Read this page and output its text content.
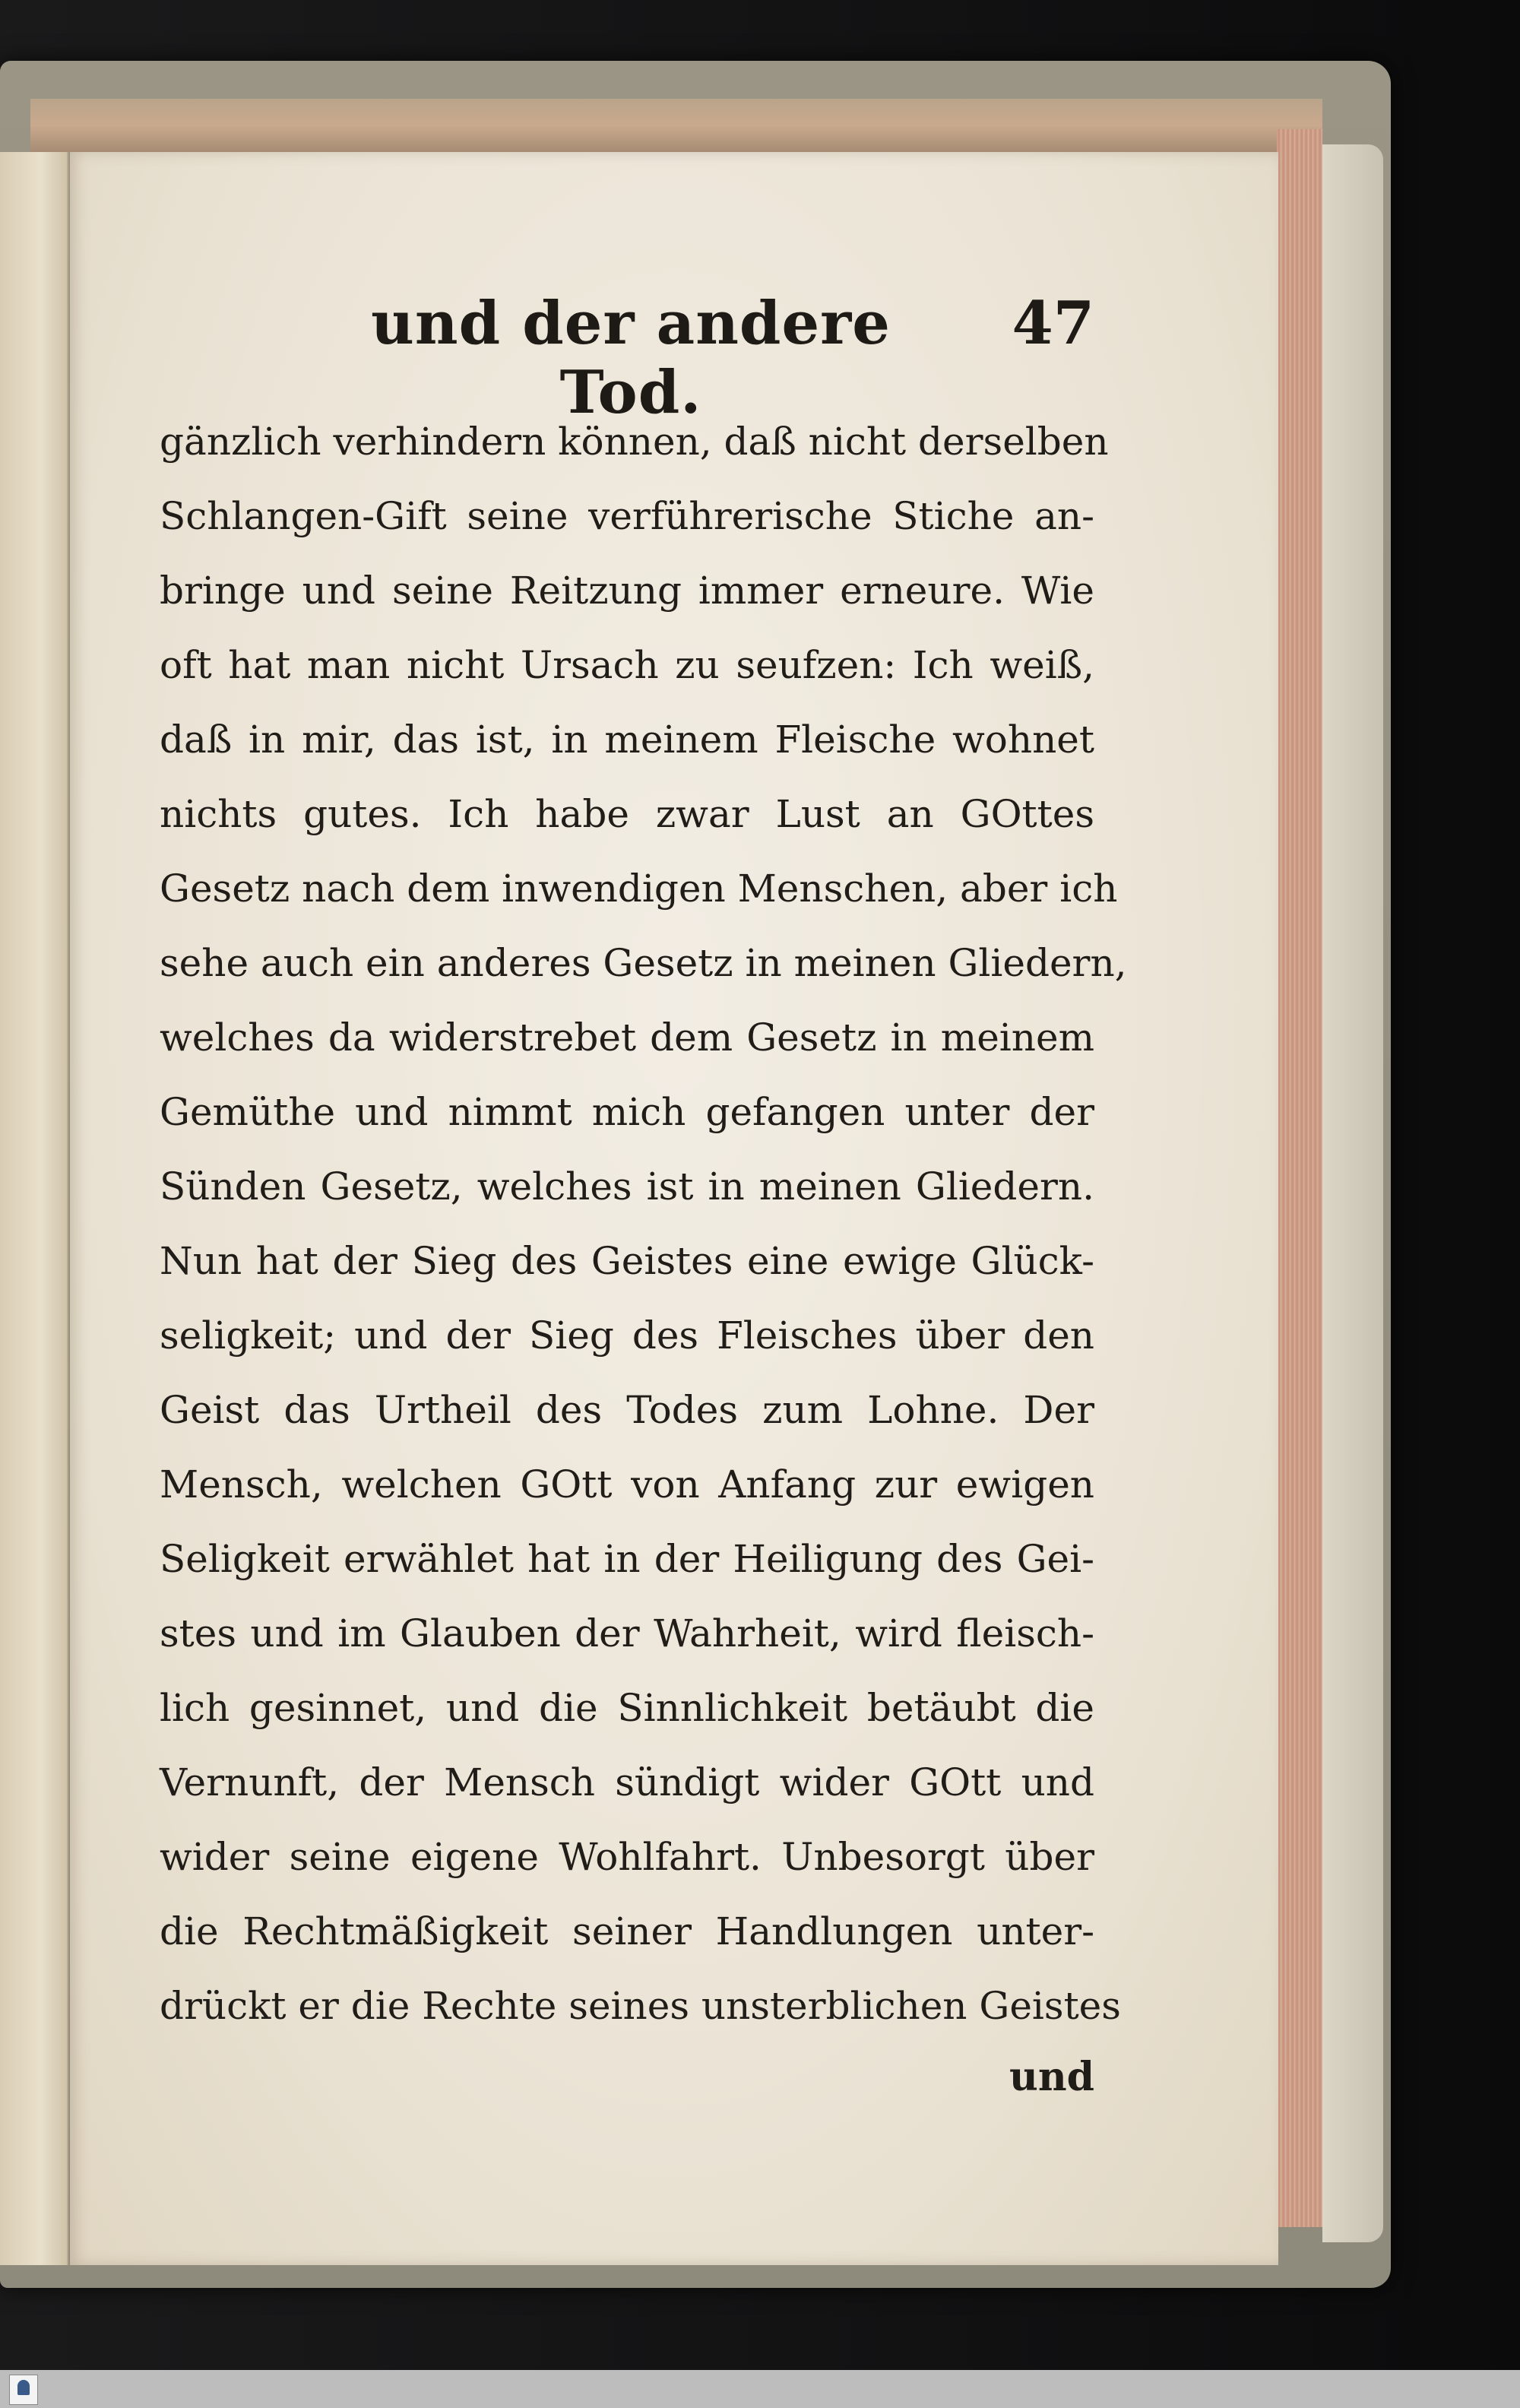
und der andere Tod.
47
gänzlich verhindern können, daß nicht derselben
Schlangen-Gift seine verführerische Stiche an-
bringe und seine Reitzung immer erneure. Wie
oft hat man nicht Ursach zu seufzen: Ich weiß,
daß in mir, das ist, in meinem Fleische wohnet
nichts gutes. Ich habe zwar Lust an GOttes
Gesetz nach dem inwendigen Menschen, aber ich
sehe auch ein anderes Gesetz in meinen Gliedern,
welches da widerstrebet dem Gesetz in meinem
Gemüthe und nimmt mich gefangen unter der
Sünden Gesetz, welches ist in meinen Gliedern.
Nun hat der Sieg des Geistes eine ewige Glück-
seligkeit; und der Sieg des Fleisches über den
Geist das Urtheil des Todes zum Lohne. Der
Mensch, welchen GOtt von Anfang zur ewigen
Seligkeit erwählet hat in der Heiligung des Gei-
stes und im Glauben der Wahrheit, wird fleisch-
lich gesinnet, und die Sinnlichkeit betäubt die
Vernunft, der Mensch sündigt wider GOtt und
wider seine eigene Wohlfahrt. Unbesorgt über
die Rechtmäßigkeit seiner Handlungen unter-
drückt er die Rechte seines unsterblichen Geistes
und
